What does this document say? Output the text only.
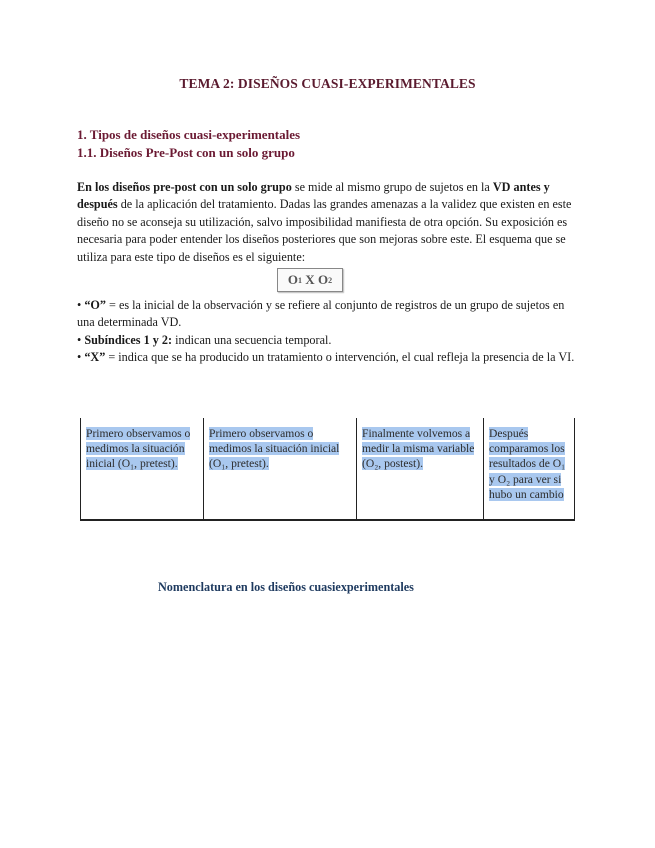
TEMA 2: DISEÑOS CUASI-EXPERIMENTALES
1. Tipos de diseños cuasi-experimentales
1.1. Diseños Pre-Post con un solo grupo
En los diseños pre-post con un solo grupo se mide al mismo grupo de sujetos en la VD antes y después de la aplicación del tratamiento. Dadas las grandes amenazas a la validez que existen en este diseño no se aconseja su utilización, salvo imposibilidad manifiesta de otra opción. Su exposición es necesaria para poder entender los diseños posteriores que son mejoras sobre este. El esquema que se utiliza para este tipo de diseños es el siguiente:
O 1
X
O 2
• “O” = es la inicial de la observación y se refiere al conjunto de registros de un grupo de sujetos en una determinada VD.
• Subíndices 1 y 2: indican una secuencia temporal.
• “X” = indica que se ha producido un tratamiento o intervención, el cual refleja la presencia de la VI.
Primero observamos o medimos la situación inicial (O₁, pretest).	Primero observamos o medimos la situación inicial (O₁, pretest).	Finalmente volvemos a medir la misma variable (O₂, postest).	Después comparamos los resultados de O₁ y O₂ para ver si hubo un cambio
Nomenclatura en los diseños cuasiexperimentales
